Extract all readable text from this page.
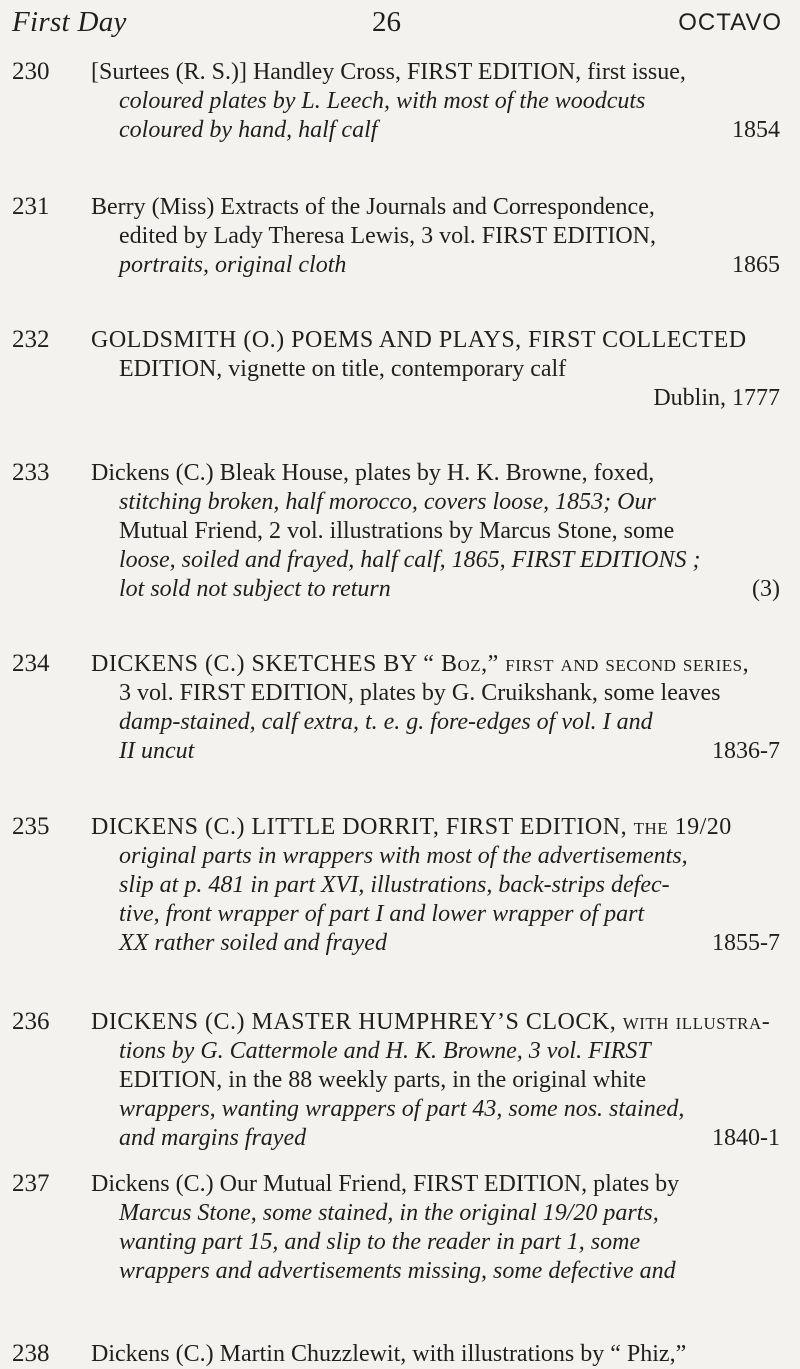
First Day	26	OCTAVO
230	[Surtees (R. S.)] Handley Cross, FIRST EDITION, first issue,
coloured plates by L. Leech, with most of the woodcuts
coloured by hand, half calf	1854
231	Berry (Miss) Extracts of the Journals and Correspondence,
edited by Lady Theresa Lewis, 3 vol. FIRST EDITION,
portraits, original cloth	1865
232	GOLDSMITH (O.) POEMS AND PLAYS, FIRST COLLECTED
EDITION, vignette on title, contemporary calf
Dublin, 1777
233	Dickens (C.) Bleak House, plates by H. K. Browne, foxed,
stitching broken, half morocco, covers loose, 1853; Our
Mutual Friend, 2 vol. illustrations by Marcus Stone, some
loose, soiled and frayed, half calf, 1865, FIRST EDITIONS ;
lot sold not subject to return	(3)
234	DICKENS (C.) SKETCHES BY “ Boz,” first and second series,
3 vol. FIRST EDITION, plates by G. Cruikshank, some leaves
damp-stained, calf extra, t. e. g. fore-edges of vol. I and
II uncut	1836-7
235	DICKENS (C.) LITTLE DORRIT, FIRST EDITION, the 19/20
original parts in wrappers with most of the advertisements,
slip at p. 481 in part XVI, illustrations, back-strips defec-
tive, front wrapper of part I and lower wrapper of part
XX rather soiled and frayed	1855-7
236	DICKENS (C.) MASTER HUMPHREY’S CLOCK, with illustra-
tions by G. Cattermole and H. K. Browne, 3 vol. FIRST
EDITION, in the 88 weekly parts, in the original white
wrappers, wanting wrappers of part 43, some nos. stained,
and margins frayed	1840-1
237	Dickens (C.) Our Mutual Friend, FIRST EDITION, plates by
Marcus Stone, some stained, in the original 19/20 parts,
wanting part 15, and slip to the reader in part 1, some
wrappers and advertisements missing, some defective and
238	Dickens (C.) Martin Chuzzlewit, with illustrations by “ Phiz,”
